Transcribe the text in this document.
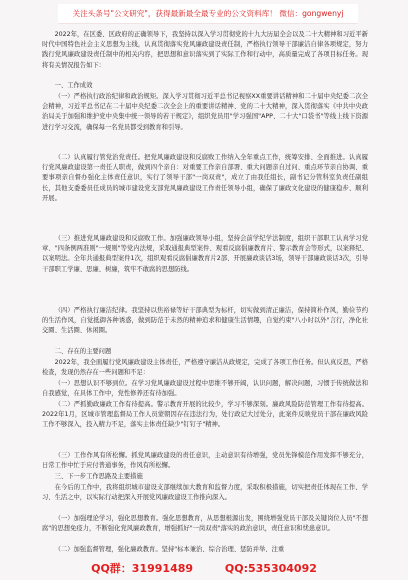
关注头条号"公文研究"，获得最新最全最专业的公文资料库！ 微信：gongwenyj

2022年，在区委、区政府的正确领导下，我坚持以深入学习贯彻党的十九大历届全会以及二十大精神和习近平新时代中国特色社会主义思想为主线，认真贯彻落实党风廉政建设责任制，严格执行领导干部廉洁自律各项规定，努力践行党风廉政建设责任制中的相关内容，把思想和意识落实到了实际工作和行动中，高质量完成了各项目标任务。现将有关情况报告如下：

一、工作成效

（一）严格执行政治纪律和政治规矩。深入学习贯彻习近平总书记视察XX重要讲话精神和二十届中央纪委二次全会精神，习近平总书记在二十届中央纪委二次全会上的重要讲话精神、党的二十大精神，深入贯彻落实《中共中央政治局关于加强和维护党中央集中统一领导的若干规定》，组织党员用"学习强国"APP、二十大"口袋书"等线上线下资源进行学习交流，确保每一名党员都受到教育和引导。

（二）认真履行管党治党责任。把党风廉政建设和反腐败工作纳入全年重点工作，统筹安排、全面推进。认真履行党风廉政建设第一责任人职责，做到四个亲自：对重要工作亲自部署、重大问题亲自过问、重点环节亲自协调、重要事项亲自督办强化主体责任意识，实行了领导干部"一岗双责"，成立了由我任组长，副书记分管科室负责任副组长，其他支委委员任成员的城市建设党支部党风廉政建设工作责任领导小组，确保了廉政文化建设的健康稳步、顺利开展。

（三）推进党风廉政建设和反腐败工作。加强廉政领导小组，坚持会前学纪学法制度，组织干部职工认真学习党章、"四条例两准则"一规则"等党内法规，采取通报典型案件、观看反腐倡廉教育片、警示教育会等形式，以案释纪、以案明法。全年共通报典型案件1次，组织观看反腐倡廉教育片2部、开展廉政谈话3场，领导干部廉政谈话3次，引导干部职工学廉、思廉、树廉，筑牢不敢腐的思想防线。

（四）严格执行廉洁纪律。我坚持以焦裕禄等好干部典型为标杆，切实做到清正廉洁，保持简朴作风，勤俭节约的生活作风，自觉抵御各种诱惑，做到防范于未然的精神追求和健康生活情趣，自觉约束"八小时以外"言行，净化社交圈、生活圈、休闲圈。

二、存在的主要问题

2022年，我全面履行党风廉政建设主体责任，严格遵守廉洁从政规定，完成了各项工作任务。但认真反思，严格检查，发现仍然存在一些问题和不足：

（一）思想认识不够到位。在学习党风廉政建设过程中思维不够开阔，认识问题，解决问题，习惯于传统做法和自我感觉，在具体工作中，党性修养还有待加强。

（二）严抓勤政廉政工作有待提高。警示教育开展的比较少，学习不够深刻。廉政风险防范管理工作有待提高。2022年1月，区城市管理监督局工作人员蒙朝因存在违法行为，处行政记大过处分，此案件反映党员干部在廉政风险工作不够深入，投入精力不足，落实主体责任缺少"钉钉子"精神。

（三）工作作风有所松懈。抓党风廉政建设的责任意识，主动意识有待增强，党员先锋模范作用发挥不够充分，日常工作中忙于应付普通事务，作风有所松懈。

三、下一步工作思路及主要措施

在今后的工作中，我将组织城市建设支部继续加大教育和监督力度，采取积极措施，切实把责任体现在工作、学习、生活之中，以实际行动把深入开展党风廉政建设工作推向深入。

（一）加强理论学习，强化思想教育。强化思想教育，从思想根源出发，围绕增强党员干部及关键岗位人员"不想腐"的思想免疫力，不断强化党风廉政教育，增强抓好"一岗双责"落实的政治意识，责任意识和忧患意识。

（二）加强监督管理，强化廉政教育。坚持"标本兼治、综合治理、惩防并举、注重

QQ群：31991489	QQ:535304092
